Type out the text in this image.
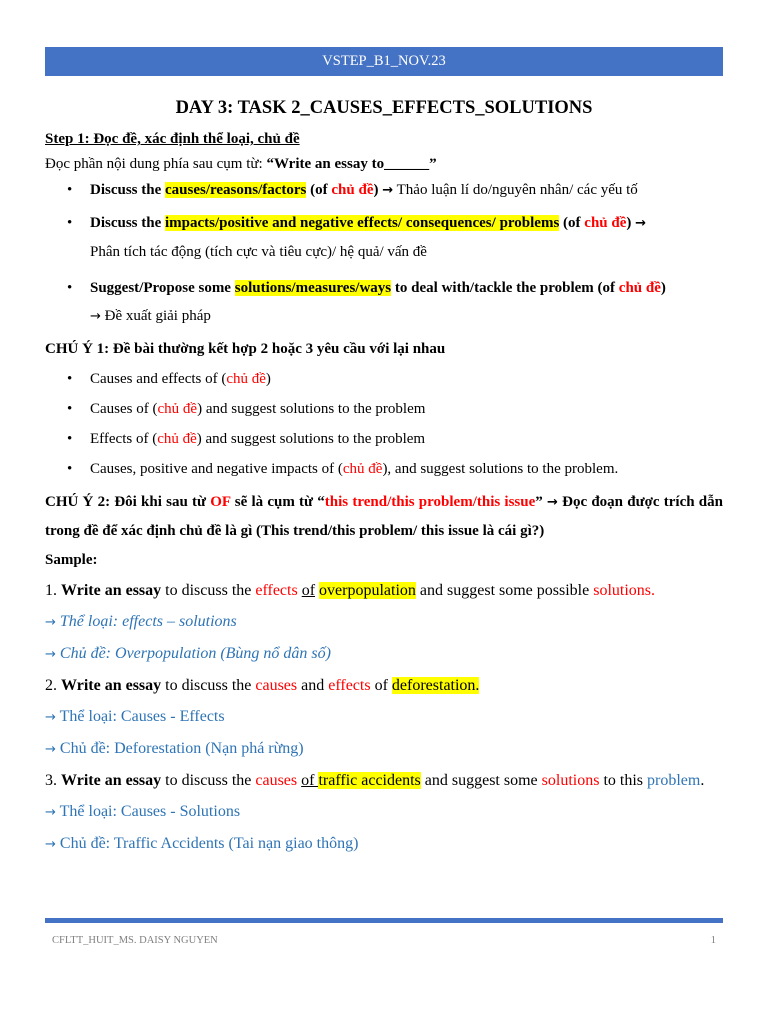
VSTEP_B1_NOV.23

DAY 3: TASK 2_CAUSES_EFFECTS_SOLUTIONS

Step 1: Đọc đề, xác định thể loại, chủ đề

Đọc phần nội dung phía sau cụm từ: “Write an essay to______”

• Discuss the causes/reasons/factors (of chủ đề) → Thảo luận lí do/nguyên nhân/ các yếu tố
• Discuss the impacts/positive and negative effects/ consequences/ problems (of chủ đề) →
Phân tích tác động (tích cực và tiêu cực)/ hệ quả/ vấn đề
• Suggest/Propose some solutions/measures/ways to deal with/tackle the problem (of chủ đề)
→ Đề xuất giải pháp

CHÚ Ý 1: Đề bài thường kết hợp 2 hoặc 3 yêu cầu với lại nhau

• Causes and effects of (chủ đề)
• Causes of (chủ đề) and suggest solutions to the problem
• Effects of (chủ đề) and suggest solutions to the problem
• Causes, positive and negative impacts of (chủ đề), and suggest solutions to the problem.

CHÚ Ý 2: Đôi khi sau từ OF sẽ là cụm từ “this trend/this problem/this issue” → Đọc đoạn được trích dẫn trong đề để xác định chủ đề là gì (This trend/this problem/ this issue là cái gì?)

Sample:

1. Write an essay to discuss the effects of overpopulation and suggest some possible solutions.

→ Thể loại: effects – solutions

→ Chủ đề: Overpopulation (Bùng nổ dân số)

2. Write an essay to discuss the causes and effects of deforestation.

→ Thể loại: Causes - Effects

→ Chủ đề: Deforestation (Nạn phá rừng)

3. Write an essay to discuss the causes of traffic accidents and suggest some solutions to this problem.

→ Thể loại: Causes - Solutions

→ Chủ đề: Traffic Accidents (Tai nạn giao thông)

CFLTT_HUIT_MS. DAISY NGUYEN	1
